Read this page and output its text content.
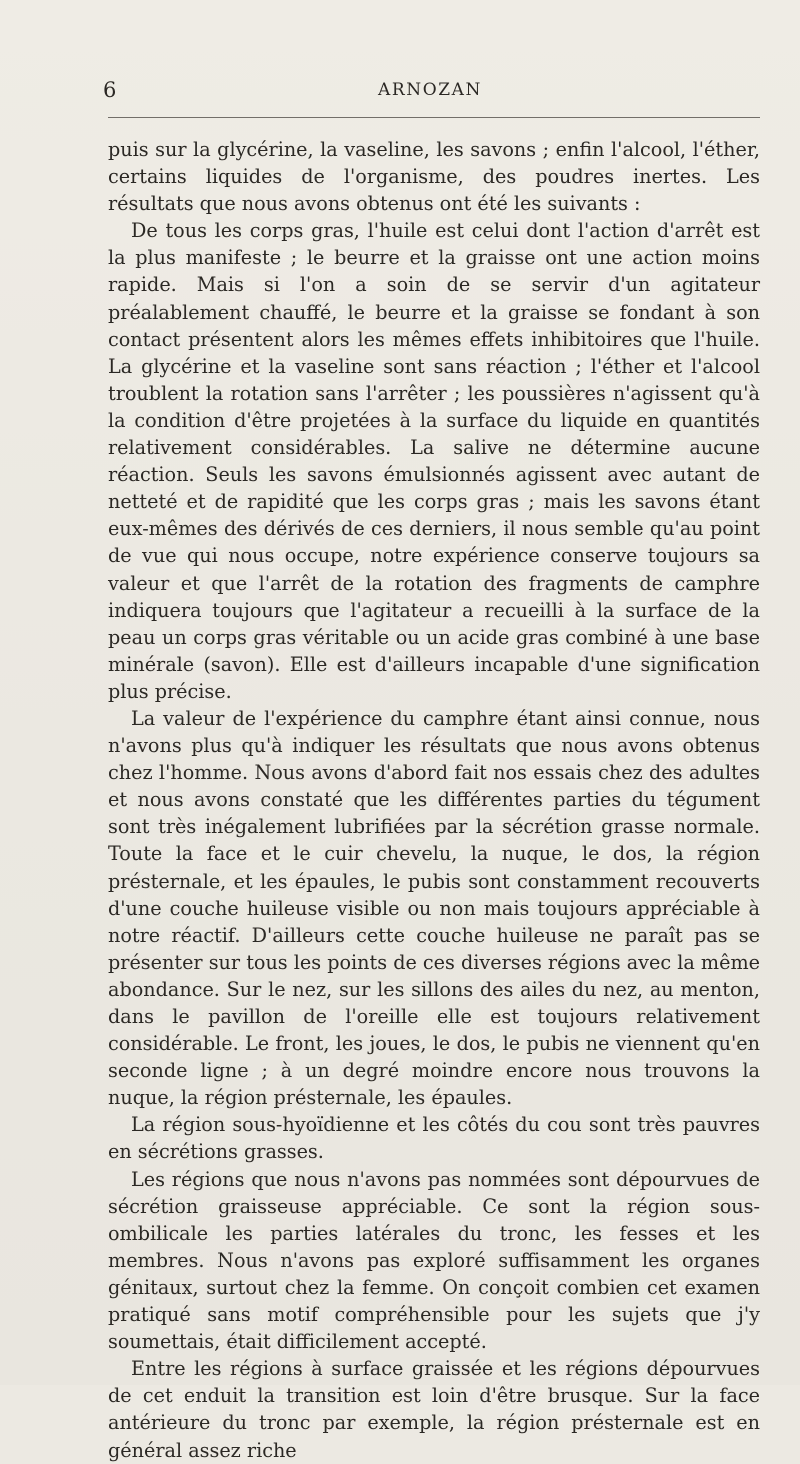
6	ARNOZAN

puis sur la glycérine, la vaseline, les savons ; enfin l'alcool, l'éther, certains liquides de l'organisme, des poudres inertes. Les résultats que nous avons obtenus ont été les suivants :

De tous les corps gras, l'huile est celui dont l'action d'arrêt est la plus manifeste ; le beurre et la graisse ont une action moins rapide. Mais si l'on a soin de se servir d'un agitateur préalablement chauffé, le beurre et la graisse se fondant à son contact présentent alors les mêmes effets inhibitoires que l'huile. La glycérine et la vaseline sont sans réaction ; l'éther et l'alcool troublent la rotation sans l'arrêter ; les poussières n'agissent qu'à la condition d'être projetées à la surface du liquide en quantités relativement considérables. La salive ne détermine aucune réaction. Seuls les savons émulsionnés agissent avec autant de netteté et de rapidité que les corps gras ; mais les savons étant eux-mêmes des dérivés de ces derniers, il nous semble qu'au point de vue qui nous occupe, notre expérience conserve toujours sa valeur et que l'arrêt de la rotation des fragments de camphre indiquera toujours que l'agitateur a recueilli à la surface de la peau un corps gras véritable ou un acide gras combiné à une base minérale (savon). Elle est d'ailleurs incapable d'une signification plus précise.

La valeur de l'expérience du camphre étant ainsi connue, nous n'avons plus qu'à indiquer les résultats que nous avons obtenus chez l'homme. Nous avons d'abord fait nos essais chez des adultes et nous avons constaté que les différentes parties du tégument sont très inégalement lubrifiées par la sécrétion grasse normale. Toute la face et le cuir chevelu, la nuque, le dos, la région présternale, et les épaules, le pubis sont constamment recouverts d'une couche huileuse visible ou non mais toujours appréciable à notre réactif. D'ailleurs cette couche huileuse ne paraît pas se présenter sur tous les points de ces diverses régions avec la même abondance. Sur le nez, sur les sillons des ailes du nez, au menton, dans le pavillon de l'oreille elle est toujours relativement considérable. Le front, les joues, le dos, le pubis ne viennent qu'en seconde ligne ; à un degré moindre encore nous trouvons la nuque, la région présternale, les épaules.

La région sous-hyoïdienne et les côtés du cou sont très pauvres en sécrétions grasses.

Les régions que nous n'avons pas nommées sont dépourvues de sécrétion graisseuse appréciable. Ce sont la région sous-ombilicale les parties latérales du tronc, les fesses et les membres. Nous n'avons pas exploré suffisamment les organes génitaux, surtout chez la femme. On conçoit combien cet examen pratiqué sans motif compréhensible pour les sujets que j'y soumettais, était difficilement accepté.

Entre les régions à surface graissée et les régions dépourvues de cet enduit la transition est loin d'être brusque. Sur la face antérieure du tronc par exemple, la région présternale est en général assez riche
